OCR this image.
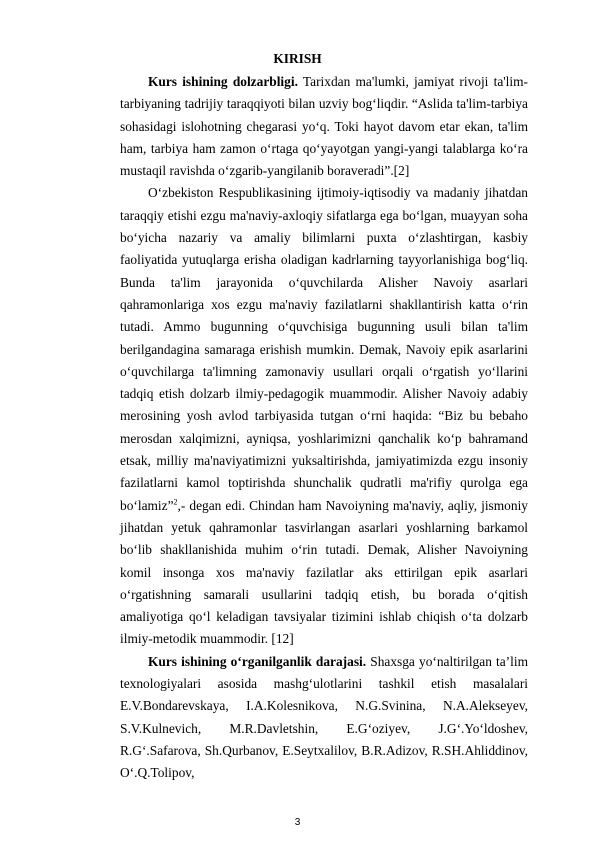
KIRISH

Kurs ishining dolzarbligi. Tarixdan ma'lumki, jamiyat rivoji ta'lim-tarbiyaning tadrijiy taraqqiyoti bilan uzviy bog‘liqdir. “Aslida ta'lim-tarbiya sohasidagi islohotning chegarasi yo‘q. Toki hayot davom etar ekan, ta'lim ham, tarbiya ham zamon o‘rtaga qo‘yayotgan yangi-yangi talablarga ko‘ra mustaqil ravishda o‘zgarib-yangilanib boraveradi”.[2]

O‘zbekiston Respublikasining ijtimoiy-iqtisodiy va madaniy jihatdan taraqqiy etishi ezgu ma'naviy-axloqiy sifatlarga ega bo‘lgan, muayyan soha bo‘yicha nazariy va amaliy bilimlarni puxta o‘zlashtirgan, kasbiy faoliyatida yutuqlarga erisha oladigan kadrlarning tayyorlanishiga bog‘liq. Bunda ta'lim jarayonida o‘quvchilarda Alisher Navoiy asarlari qahramonlariga xos ezgu ma'naviy fazilatlarni shakllantirish katta o‘rin tutadi. Ammo bugunning o‘quvchisiga bugunning usuli bilan ta'lim berilgandagina samaraga erishish mumkin. Demak, Navoiy epik asarlarini o‘quvchilarga ta'limning zamonaviy usullari orqali o‘rgatish yo‘llarini tadqiq etish dolzarb ilmiy-pedagogik muammodir. Alisher Navoiy adabiy merosining yosh avlod tarbiyasida tutgan o‘rni haqida: “Biz bu bebaho merosdan xalqimizni, ayniqsa, yoshlarimizni qanchalik ko‘p bahramand etsak, milliy ma'naviyatimizni yuksaltirishda, jamiyatimizda ezgu insoniy fazilatlarni kamol toptirishda shunchalik qudratli ma'rifiy qurolga ega bo‘lamiz”$^2$,- degan edi. Chindan ham Navoiyning ma'naviy, aqliy, jismoniy jihatdan yetuk qahramonlar tasvirlangan asarlari yoshlarning barkamol bo‘lib shakllanishida muhim o‘rin tutadi. Demak, Alisher Navoiyning komil insonga xos ma'naviy fazilatlar aks ettirilgan epik asarlari o‘rgatishning samarali usullarini tadqiq etish, bu borada o‘qitish amaliyotiga qo‘l keladigan tavsiyalar tizimini ishlab chiqish o‘ta dolzarb ilmiy-metodik muammodir. [12]

Kurs ishining o‘rganilganlik darajasi. Shaxsga yo‘naltirilgan ta’lim texnologiyalari asosida mashg‘ulotlarini tashkil etish masalalari E.V.Bondarevskaya, I.A.Kolesnikova, N.G.Svinina, N.A.Alekseyev, S.V.Kulnevich, M.R.Davletshin, E.G‘oziyev, J.G‘.Yo‘ldoshev, R.G‘.Safarova, Sh.Qurbanov, E.Seytxalilov, B.R.Adizov, R.SH.Ahliddinov, O‘.Q.Tolipov,

3
